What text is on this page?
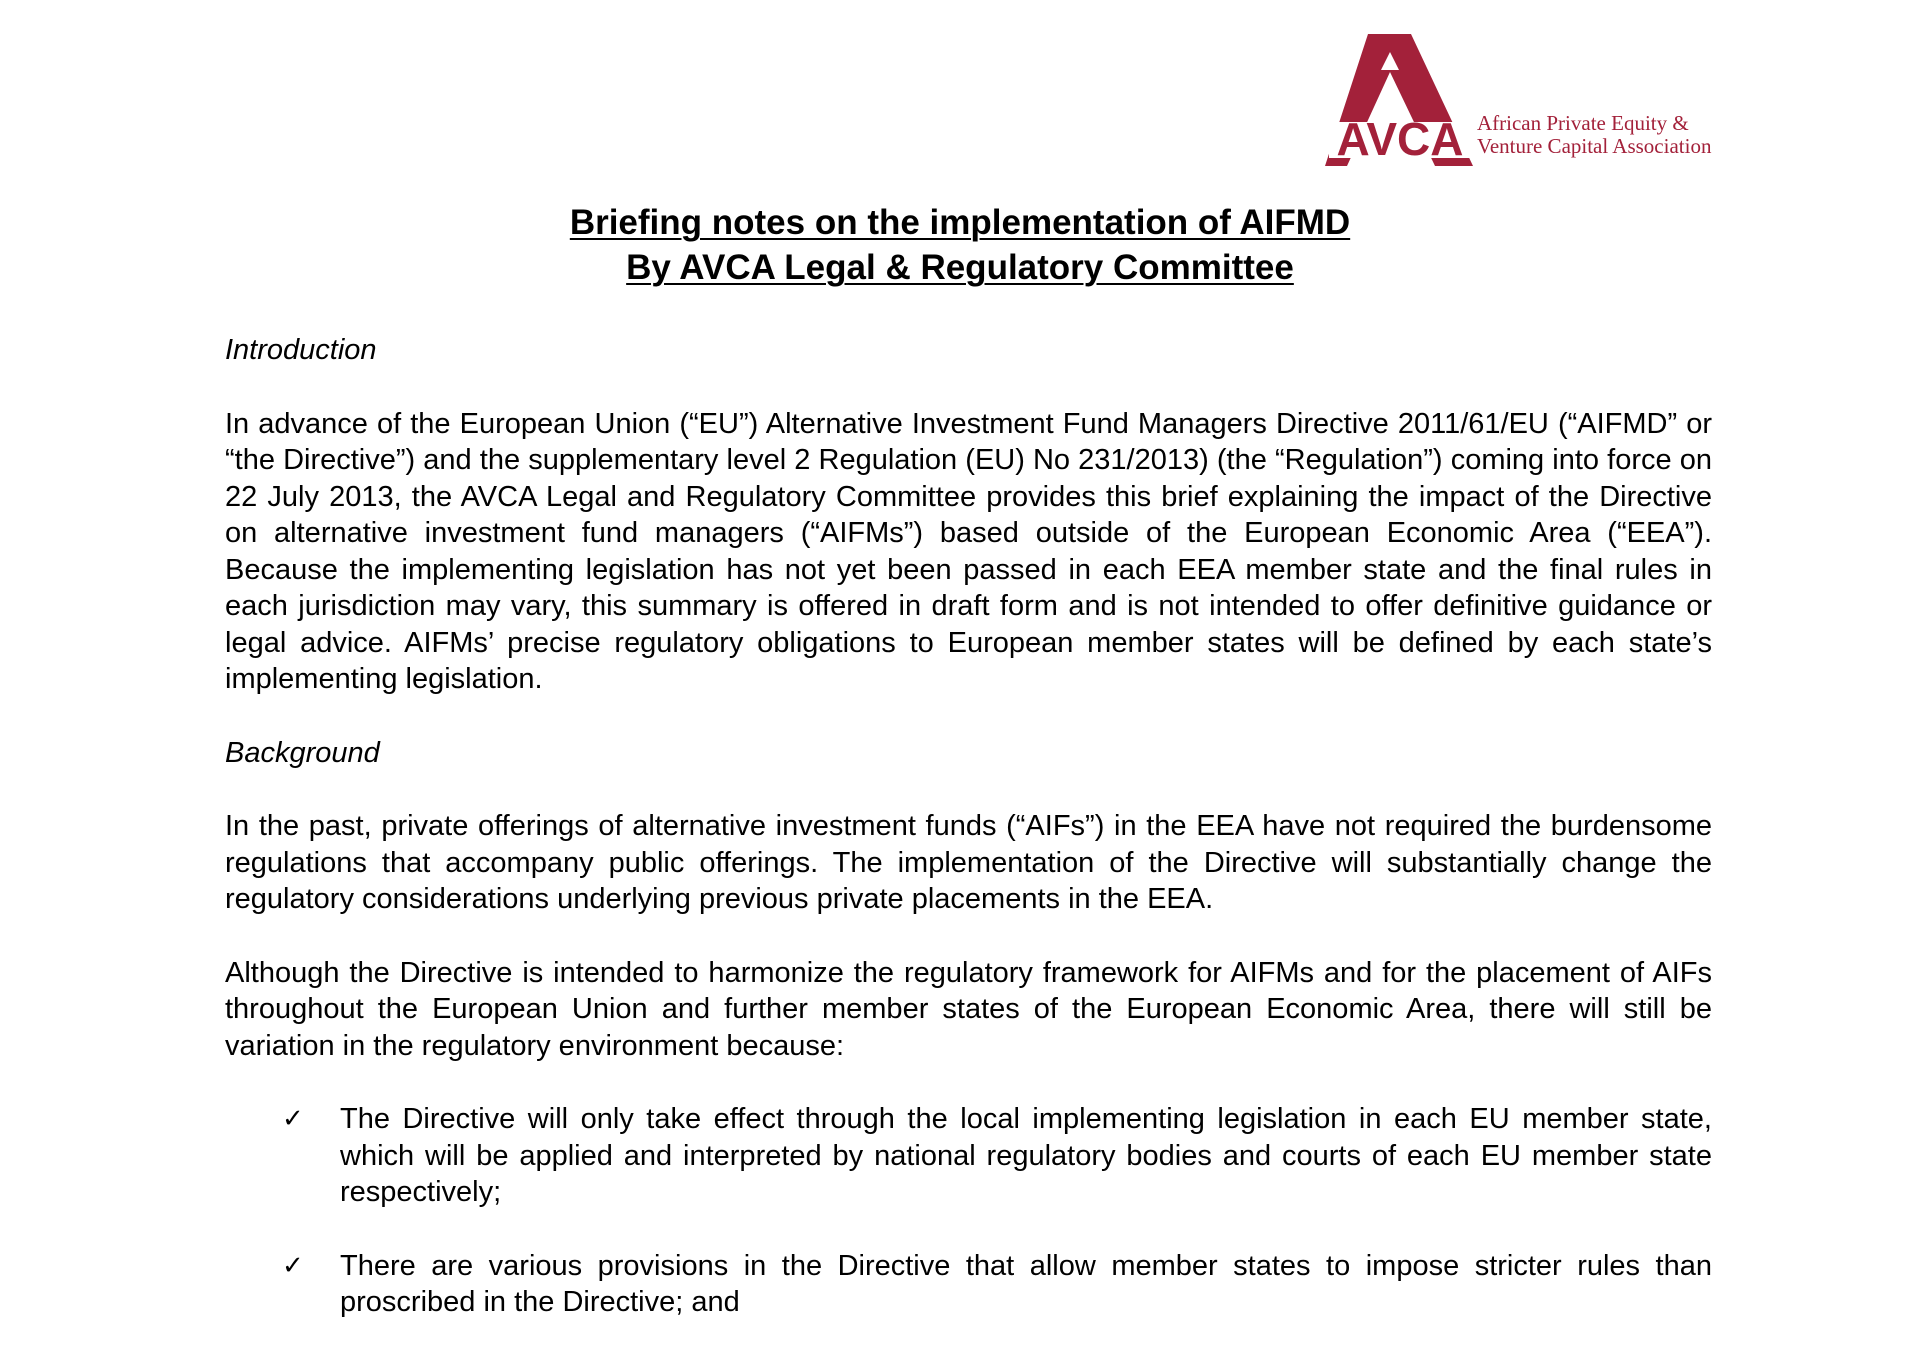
AVCA African Private Equity &
Venture Capital Association
Briefing notes on the implementation of AIFMD
By AVCA Legal & Regulatory Committee
Introduction
In advance of the European Union (“EU”) Alternative Investment Fund Managers Directive 2011/61/EU (“AIFMD” or “the Directive”) and the supplementary level 2 Regulation (EU) No 231/2013) (the “Regulation”) coming into force on 22 July 2013, the AVCA Legal and Regulatory Committee provides this brief explaining the impact of the Directive on alternative investment fund managers (“AIFMs”) based outside of the European Economic Area (“EEA”). Because the implementing legislation has not yet been passed in each EEA member state and the final rules in each jurisdiction may vary, this summary is offered in draft form and is not intended to offer definitive guidance or legal advice. AIFMs’ precise regulatory obligations to European member states will be defined by each state’s implementing legislation.
Background
In the past, private offerings of alternative investment funds (“AIFs”) in the EEA have not required the burdensome regulations that accompany public offerings. The implementation of the Directive will substantially change the regulatory considerations underlying previous private placements in the EEA.
Although the Directive is intended to harmonize the regulatory framework for AIFMs and for the placement of AIFs throughout the European Union and further member states of the European Economic Area, there will still be variation in the regulatory environment because:
✓ The Directive will only take effect through the local implementing legislation in each EU member state, which will be applied and interpreted by national regulatory bodies and courts of each EU member state respectively;
✓ There are various provisions in the Directive that allow member states to impose stricter rules than proscribed in the Directive; and
